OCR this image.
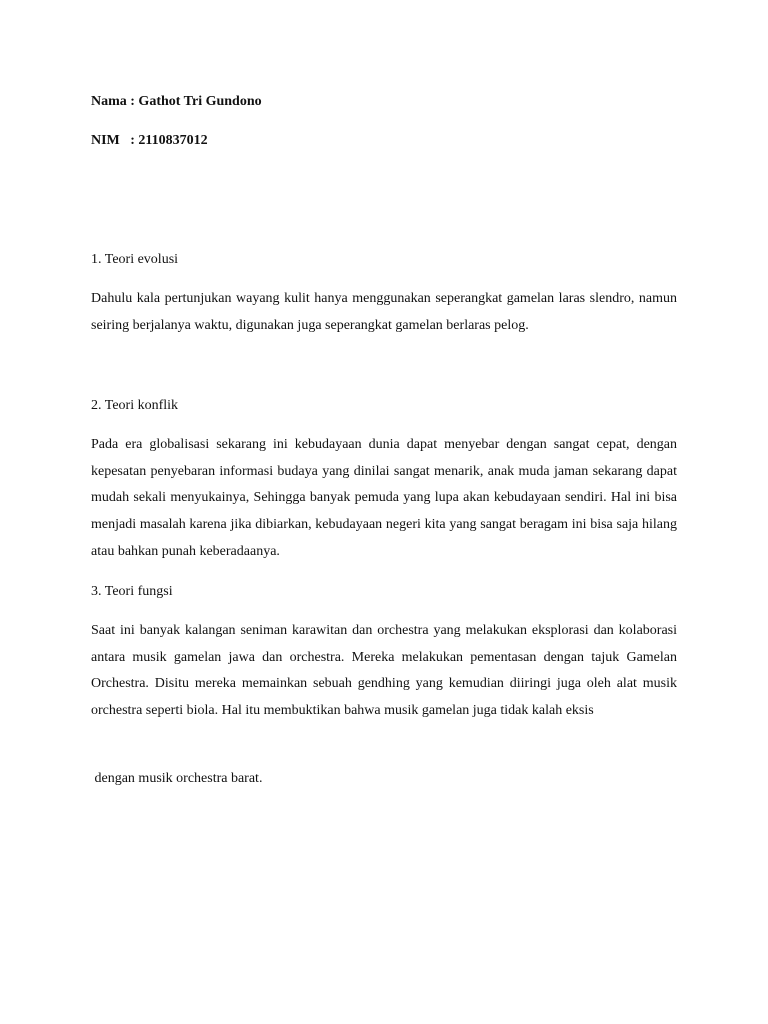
Nama : Gathot Tri Gundono

NIM   : 2110837012

1. Teori evolusi

Dahulu kala pertunjukan wayang kulit hanya menggunakan seperangkat gamelan laras slendro, namun seiring berjalanya waktu, digunakan juga seperangkat gamelan berlaras pelog.

2. Teori konflik

Pada era globalisasi sekarang ini kebudayaan dunia dapat menyebar dengan sangat cepat, dengan kepesatan penyebaran informasi budaya yang dinilai sangat menarik, anak muda jaman sekarang dapat mudah sekali menyukainya, Sehingga banyak pemuda yang lupa akan kebudayaan sendiri. Hal ini bisa menjadi masalah karena jika dibiarkan, kebudayaan negeri kita yang sangat beragam ini bisa saja hilang atau bahkan punah keberadaanya.

3. Teori fungsi

Saat ini banyak kalangan seniman karawitan dan orchestra yang melakukan eksplorasi dan kolaborasi antara musik gamelan jawa dan orchestra. Mereka melakukan pementasan dengan tajuk Gamelan Orchestra. Disitu mereka memainkan sebuah gendhing yang kemudian diiringi juga oleh alat musik orchestra seperti biola. Hal itu membuktikan bahwa musik gamelan juga tidak kalah eksis

dengan musik orchestra barat.
